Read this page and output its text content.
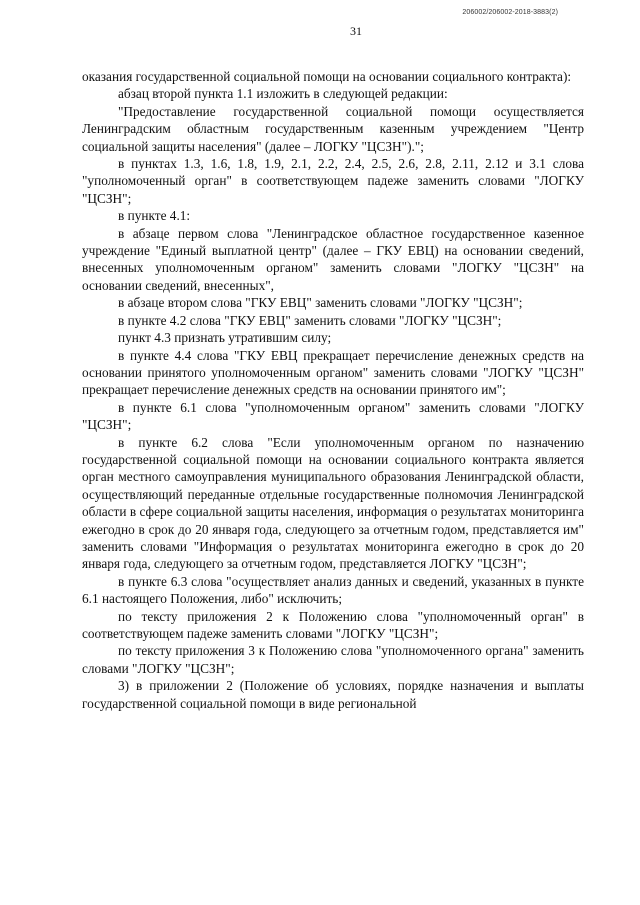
206002/206002-2018-3883(2)
31

оказания государственной социальной помощи на основании социального контракта):

абзац второй пункта 1.1 изложить в следующей редакции:

"Предоставление государственной социальной помощи осуществляется Ленинградским областным государственным казенным учреждением "Центр социальной защиты населения" (далее – ЛОГКУ "ЦСЗН").";

в пунктах 1.3, 1.6, 1.8, 1.9, 2.1, 2.2, 2.4, 2.5, 2.6, 2.8, 2.11, 2.12 и 3.1 слова "уполномоченный орган" в соответствующем падеже заменить словами "ЛОГКУ "ЦСЗН";

в пункте 4.1:

в абзаце первом слова "Ленинградское областное государственное казенное учреждение "Единый выплатной центр" (далее – ГКУ ЕВЦ) на основании сведений, внесенных уполномоченным органом" заменить словами "ЛОГКУ "ЦСЗН" на основании сведений, внесенных",

в абзаце втором слова "ГКУ ЕВЦ" заменить словами "ЛОГКУ "ЦСЗН";

в пункте 4.2 слова "ГКУ ЕВЦ" заменить словами "ЛОГКУ "ЦСЗН";

пункт 4.3 признать утратившим силу;

в пункте 4.4 слова "ГКУ ЕВЦ прекращает перечисление денежных средств на основании принятого уполномоченным органом" заменить словами "ЛОГКУ "ЦСЗН" прекращает перечисление денежных средств на основании принятого им";

в пункте 6.1 слова "уполномоченным органом" заменить словами "ЛОГКУ "ЦСЗН";

в пункте 6.2 слова "Если уполномоченным органом по назначению государственной социальной помощи на основании социального контракта является орган местного самоуправления муниципального образования Ленинградской области, осуществляющий переданные отдельные государственные полномочия Ленинградской области в сфере социальной защиты населения, информация о результатах мониторинга ежегодно в срок до 20 января года, следующего за отчетным годом, представляется им" заменить словами "Информация о результатах мониторинга ежегодно в срок до 20 января года, следующего за отчетным годом, представляется ЛОГКУ "ЦСЗН";

в пункте 6.3 слова "осуществляет анализ данных и сведений, указанных в пункте 6.1 настоящего Положения, либо" исключить;

по тексту приложения 2 к Положению слова "уполномоченный орган" в соответствующем падеже заменить словами "ЛОГКУ "ЦСЗН";

по тексту приложения 3 к Положению слова "уполномоченного органа" заменить словами "ЛОГКУ "ЦСЗН";

3) в приложении 2 (Положение об условиях, порядке назначения и выплаты государственной социальной помощи в виде региональной
